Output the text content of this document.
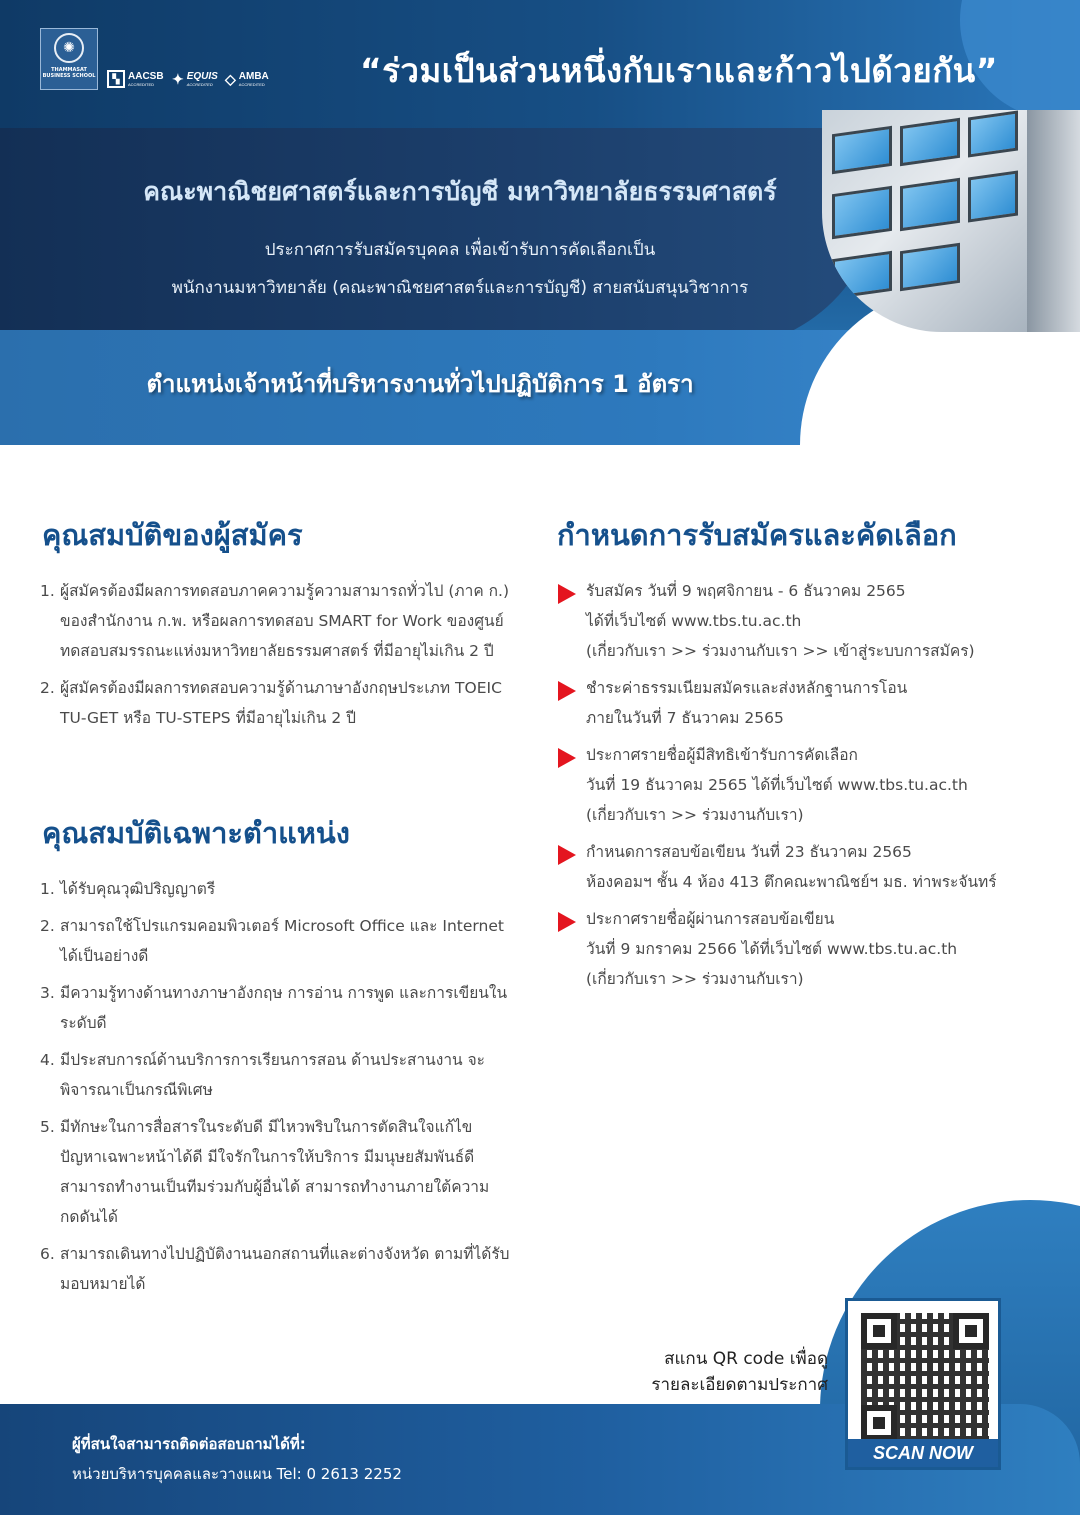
✺
THAMMASAT BUSINESS SCHOOL	▚ AACSB
ACCREDITED	✦ EQUIS
ACCREDITED ◇ AMBA
ACCREDITED	“ร่วมเป็นส่วนหนึ่งกับเราและก้าวไปด้วยกัน”
คณะพาณิชยศาสตร์และการบัญชี มหาวิทยาลัยธรรมศาสตร์
ประกาศการรับสมัครบุคคล เพื่อเข้ารับการคัดเลือกเป็น
พนักงานมหาวิทยาลัย (คณะพาณิชยศาสตร์และการบัญชี) สายสนับสนุนวิชาการ
ตำแหน่งเจ้าหน้าที่บริหารงานทั่วไปปฏิบัติการ 1 อัตรา
คุณสมบัติของผู้สมัคร
1. ผู้สมัครต้องมีผลการทดสอบภาคความรู้ความสามารถทั่วไป (ภาค ก.) ของสำนักงาน ก.พ. หรือผลการทดสอบ SMART for Work ของศูนย์ทดสอบสมรรถนะแห่งมหาวิทยาลัยธรรมศาสตร์ ที่มีอายุไม่เกิน 2 ปี
2. ผู้สมัครต้องมีผลการทดสอบความรู้ด้านภาษาอังกฤษประเภท TOEIC TU-GET หรือ TU-STEPS ที่มีอายุไม่เกิน 2 ปี
คุณสมบัติเฉพาะตำแหน่ง
1. ได้รับคุณวุฒิปริญญาตรี
2. สามารถใช้โปรแกรมคอมพิวเตอร์ Microsoft Office และ Internet ได้เป็นอย่างดี
3. มีความรู้ทางด้านทางภาษาอังกฤษ การอ่าน การพูด และการเขียนในระดับดี
4. มีประสบการณ์ด้านบริการการเรียนการสอน ด้านประสานงาน จะพิจารณาเป็นกรณีพิเศษ
5. มีทักษะในการสื่อสารในระดับดี มีไหวพริบในการตัดสินใจแก้ไขปัญหาเฉพาะหน้าได้ดี มีใจรักในการให้บริการ มีมนุษยสัมพันธ์ดี สามารถทำงานเป็นทีมร่วมกับผู้อื่นได้ สามารถทำงานภายใต้ความกดดันได้
6. สามารถเดินทางไปปฏิบัติงานนอกสถานที่และต่างจังหวัด ตามที่ได้รับมอบหมายได้
กำหนดการรับสมัครและคัดเลือก
รับสมัคร วันที่ 9 พฤศจิกายน - 6 ธันวาคม 2565
ได้ที่เว็บไซต์ www.tbs.tu.ac.th
(เกี่ยวกับเรา >> ร่วมงานกับเรา >> เข้าสู่ระบบการสมัคร)
ชำระค่าธรรมเนียมสมัครและส่งหลักฐานการโอน
ภายในวันที่ 7 ธันวาคม 2565
ประกาศรายชื่อผู้มีสิทธิเข้ารับการคัดเลือก
วันที่ 19 ธันวาคม 2565 ได้ที่เว็บไซต์ www.tbs.tu.ac.th
(เกี่ยวกับเรา >> ร่วมงานกับเรา)
กำหนดการสอบข้อเขียน วันที่ 23 ธันวาคม 2565
ห้องคอมฯ ชั้น 4 ห้อง 413 ตึกคณะพาณิชย์ฯ มธ. ท่าพระจันทร์
ประกาศรายชื่อผู้ผ่านการสอบข้อเขียน
วันที่ 9 มกราคม 2566 ได้ที่เว็บไซต์ www.tbs.tu.ac.th
(เกี่ยวกับเรา >> ร่วมงานกับเรา)
ผู้ที่สนใจสามารถติดต่อสอบถามได้ที่:
หน่วยบริหารบุคคลและวางแผน Tel: 0 2613 2252
สแกน QR code เพื่อดู
รายละเอียดตามประกาศ
SCAN NOW
